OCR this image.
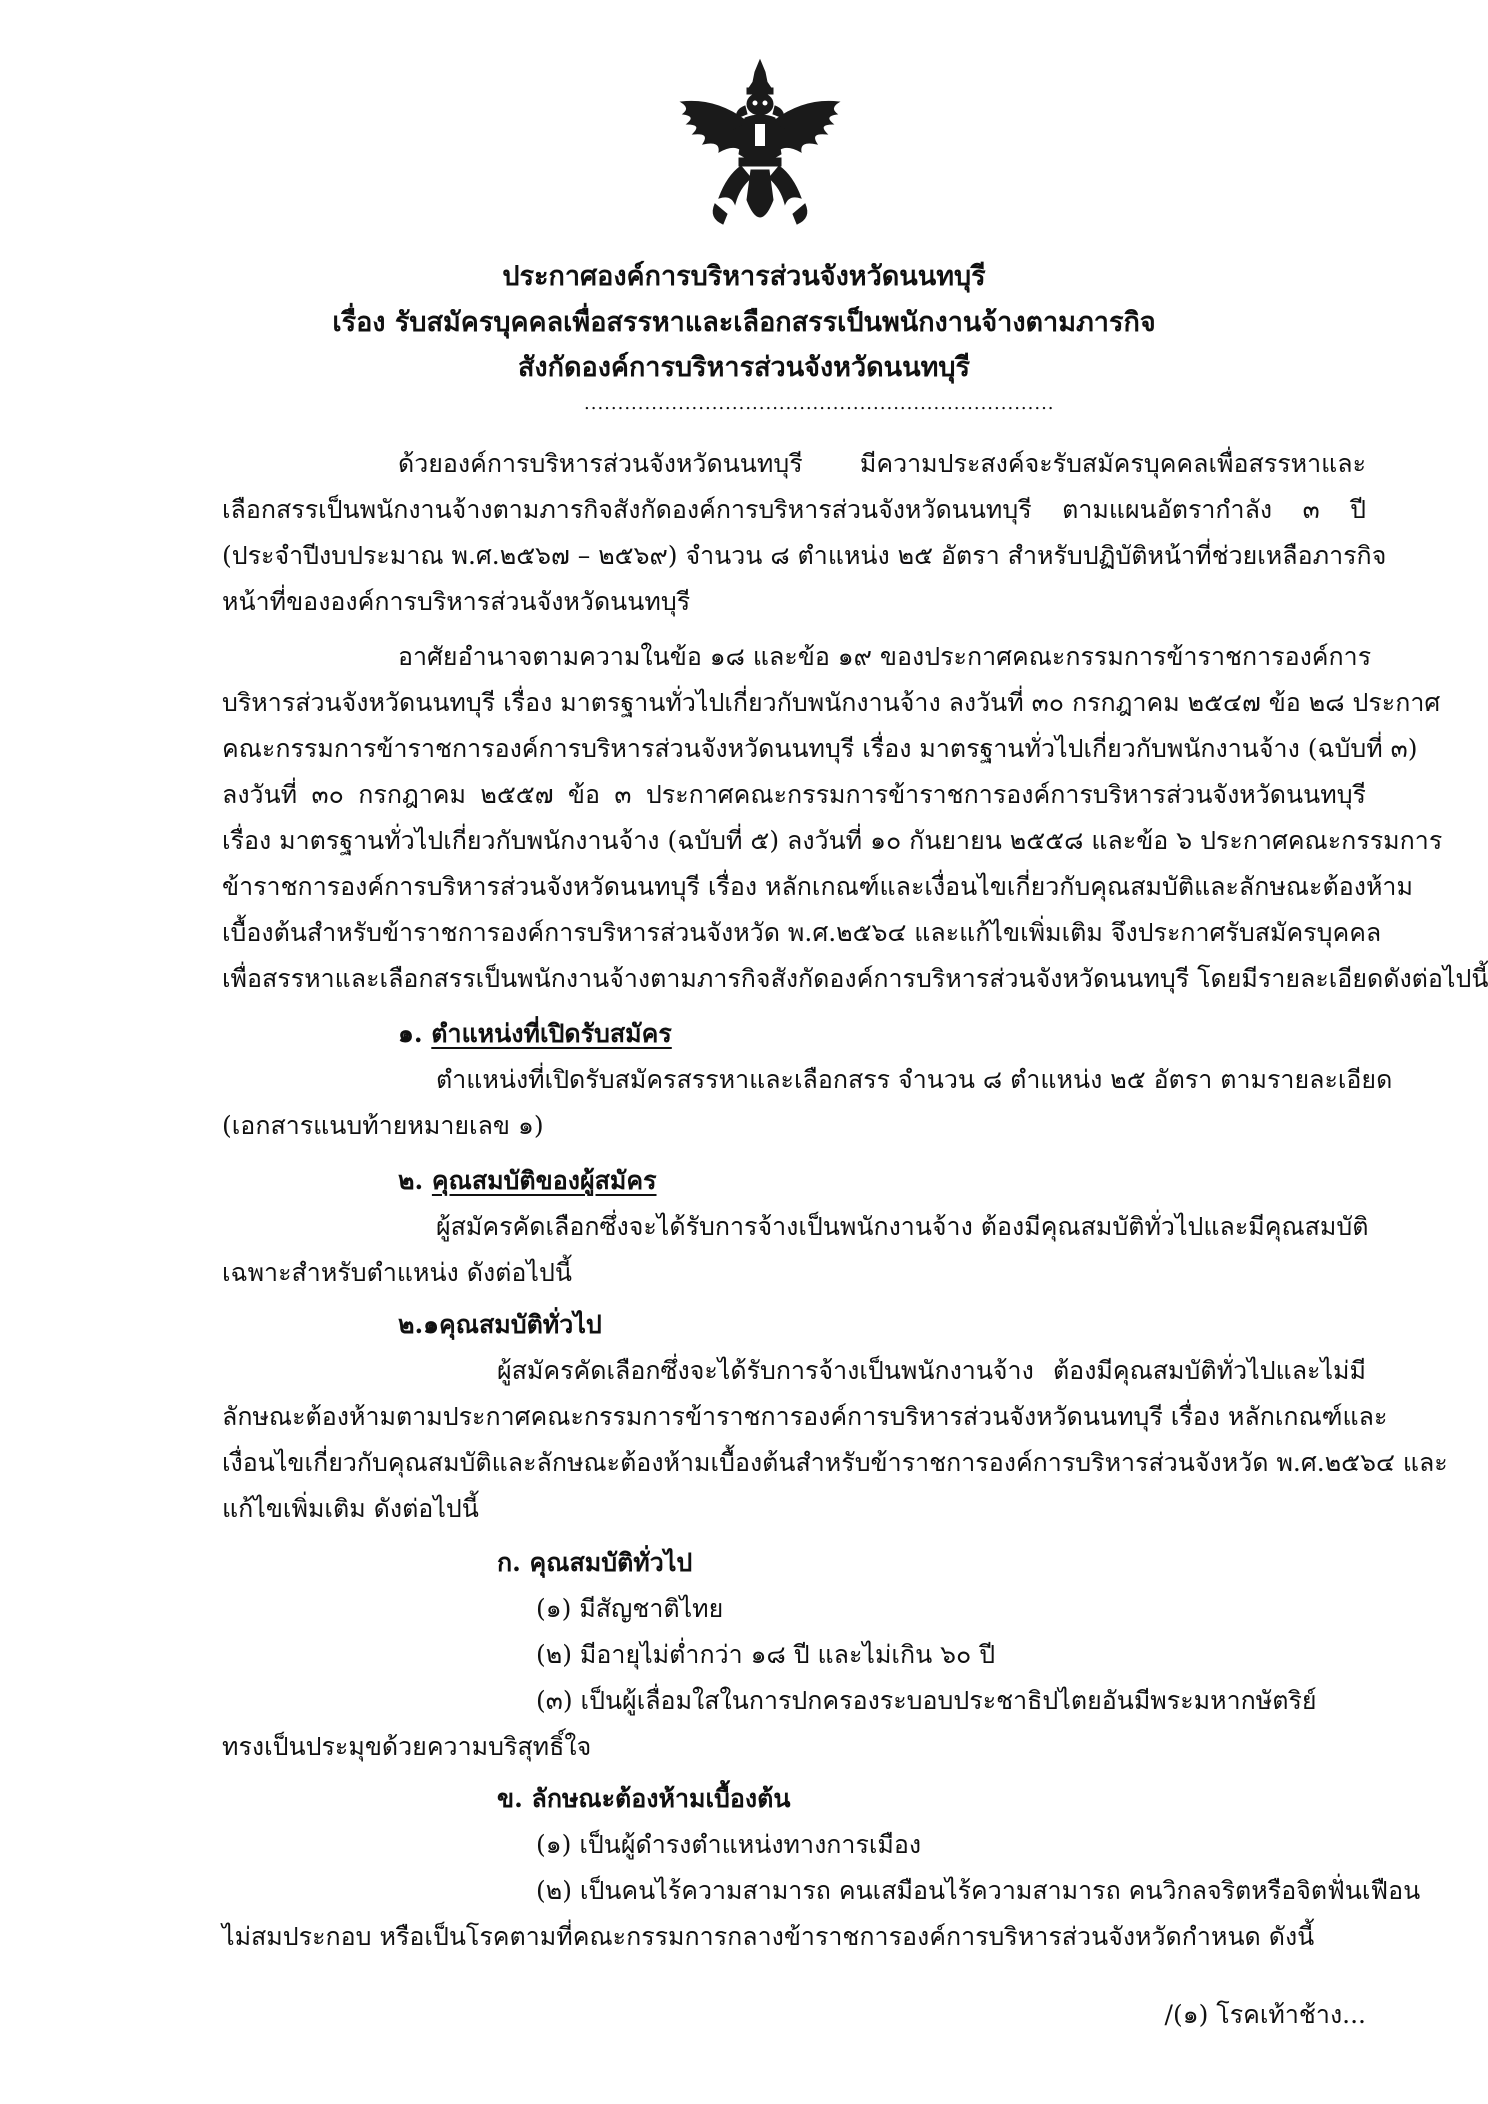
ประกาศองค์การบริหารส่วนจังหวัดนนทบุรี
เรื่อง รับสมัครบุคคลเพื่อสรรหาและเลือกสรรเป็นพนักงานจ้างตามภารกิจ
สังกัดองค์การบริหารส่วนจังหวัดนนทบุรี
......................................................................
ด้วยองค์การบริหารส่วนจังหวัดนนทบุรี มีความประสงค์จะรับสมัครบุคคลเพื่อสรรหาและ
เลือกสรรเป็นพนักงานจ้างตามภารกิจสังกัดองค์การบริหารส่วนจังหวัดนนทบุรี ตามแผนอัตรากำลัง ๓ ปี
(ประจำปีงบประมาณ พ.ศ.๒๕๖๗ – ๒๕๖๙) จำนวน ๘ ตำแหน่ง ๒๕ อัตรา สำหรับปฏิบัติหน้าที่ช่วยเหลือภารกิจ
หน้าที่ขององค์การบริหารส่วนจังหวัดนนทบุรี
อาศัยอำนาจตามความในข้อ ๑๘ และข้อ ๑๙ ของประกาศคณะกรรมการข้าราชการองค์การ
บริหารส่วนจังหวัดนนทบุรี เรื่อง มาตรฐานทั่วไปเกี่ยวกับพนักงานจ้าง ลงวันที่ ๓๐ กรกฎาคม ๒๕๔๗ ข้อ ๒๘ ประกาศ
คณะกรรมการข้าราชการองค์การบริหารส่วนจังหวัดนนทบุรี เรื่อง มาตรฐานทั่วไปเกี่ยวกับพนักงานจ้าง (ฉบับที่ ๓)
ลงวันที่ ๓๐ กรกฎาคม ๒๕๕๗ ข้อ ๓ ประกาศคณะกรรมการข้าราชการองค์การบริหารส่วนจังหวัดนนทบุรี
เรื่อง มาตรฐานทั่วไปเกี่ยวกับพนักงานจ้าง (ฉบับที่ ๕) ลงวันที่ ๑๐ กันยายน ๒๕๕๘ และข้อ ๖ ประกาศคณะกรรมการ
ข้าราชการองค์การบริหารส่วนจังหวัดนนทบุรี เรื่อง หลักเกณฑ์และเงื่อนไขเกี่ยวกับคุณสมบัติและลักษณะต้องห้าม
เบื้องต้นสำหรับข้าราชการองค์การบริหารส่วนจังหวัด พ.ศ.๒๕๖๔ และแก้ไขเพิ่มเติม จึงประกาศรับสมัครบุคคล
เพื่อสรรหาและเลือกสรรเป็นพนักงานจ้างตามภารกิจสังกัดองค์การบริหารส่วนจังหวัดนนทบุรี โดยมีรายละเอียดดังต่อไปนี้
๑. ตำแหน่งที่เปิดรับสมัคร
ตำแหน่งที่เปิดรับสมัครสรรหาและเลือกสรร จำนวน ๘ ตำแหน่ง ๒๕ อัตรา ตามรายละเอียด
(เอกสารแนบท้ายหมายเลข ๑)
๒. คุณสมบัติของผู้สมัคร
ผู้สมัครคัดเลือกซึ่งจะได้รับการจ้างเป็นพนักงานจ้าง ต้องมีคุณสมบัติทั่วไปและมีคุณสมบัติ
เฉพาะสำหรับตำแหน่ง ดังต่อไปนี้
๒.๑คุณสมบัติทั่วไป
ผู้สมัครคัดเลือกซึ่งจะได้รับการจ้างเป็นพนักงานจ้าง ต้องมีคุณสมบัติทั่วไปและไม่มี
ลักษณะต้องห้ามตามประกาศคณะกรรมการข้าราชการองค์การบริหารส่วนจังหวัดนนทบุรี เรื่อง หลักเกณฑ์และ
เงื่อนไขเกี่ยวกับคุณสมบัติและลักษณะต้องห้ามเบื้องต้นสำหรับข้าราชการองค์การบริหารส่วนจังหวัด พ.ศ.๒๕๖๔ และ
แก้ไขเพิ่มเติม ดังต่อไปนี้
ก. คุณสมบัติทั่วไป
(๑) มีสัญชาติไทย
(๒) มีอายุไม่ต่ำกว่า ๑๘ ปี และไม่เกิน ๖๐ ปี
(๓) เป็นผู้เลื่อมใสในการปกครองระบอบประชาธิปไตยอันมีพระมหากษัตริย์
ทรงเป็นประมุขด้วยความบริสุทธิ์ใจ
ข. ลักษณะต้องห้ามเบื้องต้น
(๑) เป็นผู้ดำรงตำแหน่งทางการเมือง
(๒) เป็นคนไร้ความสามารถ คนเสมือนไร้ความสามารถ คนวิกลจริตหรือจิตฟั่นเฟือน
ไม่สมประกอบ หรือเป็นโรคตามที่คณะกรรมการกลางข้าราชการองค์การบริหารส่วนจังหวัดกำหนด ดังนี้
/(๑) โรคเท้าช้าง...
